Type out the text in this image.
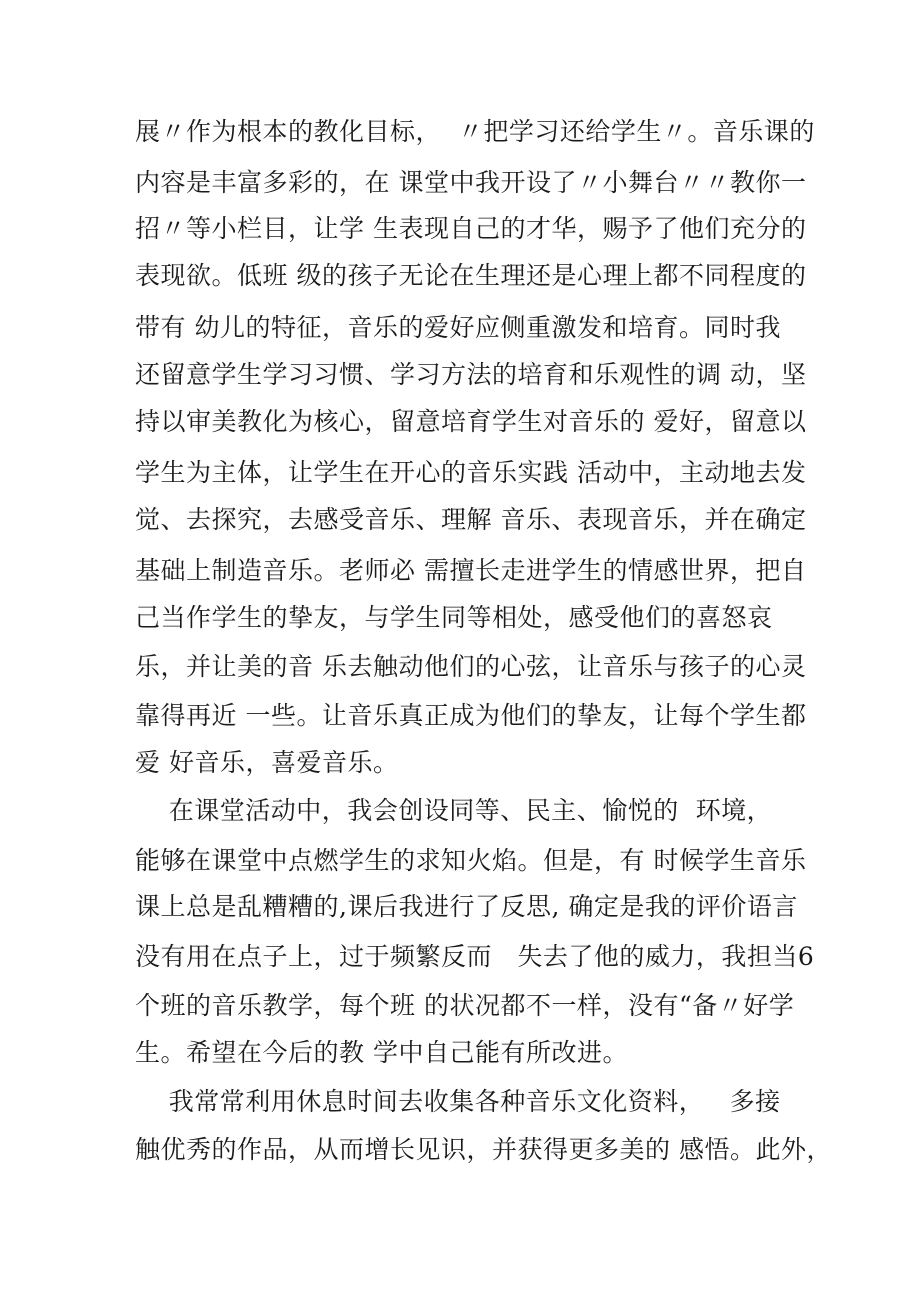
展〃作为根本的教化目标，  〃把学习还给学生〃。音乐课的
内容是丰富多彩的，在 课堂中我开设了〃小舞台〃〃教你一
招〃等小栏目，让学 生表现自己的才华，赐予了他们充分的
表现欲。低班 级的孩子无论在生理还是心理上都不同程度的
带有 幼儿的特征，音乐的爱好应侧重激发和培育。同时我
还留意学生学习习惯、学习方法的培育和乐观性的调 动，坚
持以审美教化为核心，留意培育学生对音乐的 爱好，留意以
学生为主体，让学生在开心的音乐实践 活动中，主动地去发
觉、去探究，去感受音乐、理解 音乐、表现音乐，并在确定
基础上制造音乐。老师必 需擅长走进学生的情感世界，把自
己当作学生的挚友，与学生同等相处，感受他们的喜怒哀
乐，并让美的音 乐去触动他们的心弦，让音乐与孩子的心灵
靠得再近 一些。让音乐真正成为他们的挚友，让每个学生都
爱 好音乐，喜爱音乐。
在课堂活动中，我会创设同等、民主、愉悦的  环境，
能够在课堂中点燃学生的求知火焰。但是，有 时候学生音乐
课上总是乱糟糟的,课后我进行了反思, 确定是我的评价语言
没有用在点子上，过于频繁反而   失去了他的威力，我担当6
个班的音乐教学，每个班 的状况都不一样，没有“备〃好学
生。希望在今后的教 学中自己能有所改进。
我常常利用休息时间去收集各种音乐文化资料，   多接
触优秀的作品，从而增长见识，并获得更多美的 感悟。此外，
